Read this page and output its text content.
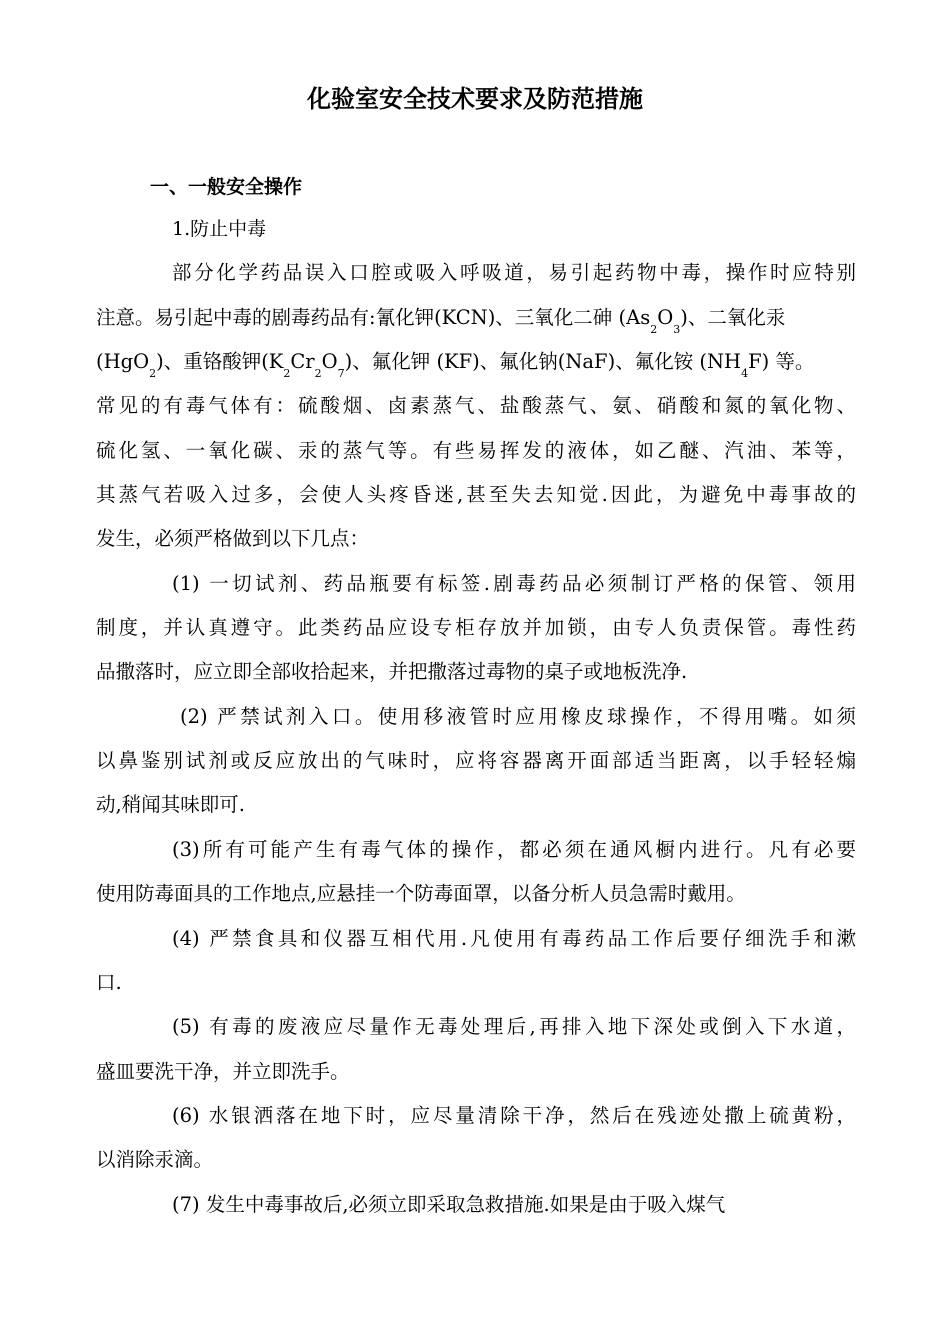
化验室安全技术要求及防范措施
一、一般安全操作
1.防止中毒
部分化学药品误入口腔或吸入呼吸道，易引起药物中毒，操作时应特别
注意。易引起中毒的剧毒药品有:氰化钾(KCN)、三氧化二砷 $(As_2O_3)$、二氧化汞
(HgO$_2$)、重铬酸钾$(K_2Cr_2O_7)$、氟化钾 (KF)、氟化钠(NaF)、氟化铵 $(NH_4F)$ 等。
常见的有毒气体有：硫酸烟、卤素蒸气、盐酸蒸气、氨、硝酸和氮的氧化物、
硫化氢、一氧化碳、汞的蒸气等。有些易挥发的液体，如乙醚、汽油、苯等，
其蒸气若吸入过多，会使人头疼昏迷,甚至失去知觉.因此，为避免中毒事故的
发生，必须严格做到以下几点：
(1) 一切试剂、药品瓶要有标签.剧毒药品必须制订严格的保管、领用
制度，并认真遵守。此类药品应设专柜存放并加锁，由专人负责保管。毒性药
品撒落时，应立即全部收拾起来，并把撒落过毒物的桌子或地板洗净.
(2) 严禁试剂入口。使用移液管时应用橡皮球操作，不得用嘴。如须
以鼻鉴别试剂或反应放出的气味时，应将容器离开面部适当距离，以手轻轻煽
动,稍闻其味即可.
(3)所有可能产生有毒气体的操作，都必须在通风橱内进行。凡有必要
使用防毒面具的工作地点,应悬挂一个防毒面罩，以备分析人员急需时戴用。
(4) 严禁食具和仪器互相代用.凡使用有毒药品工作后要仔细洗手和漱
口.
(5) 有毒的废液应尽量作无毒处理后,再排入地下深处或倒入下水道，
盛皿要洗干净，并立即洗手。
(6) 水银洒落在地下时，应尽量清除干净，然后在残迹处撒上硫黄粉，
以消除汞滴。
(7) 发生中毒事故后,必须立即采取急救措施.如果是由于吸入煤气
